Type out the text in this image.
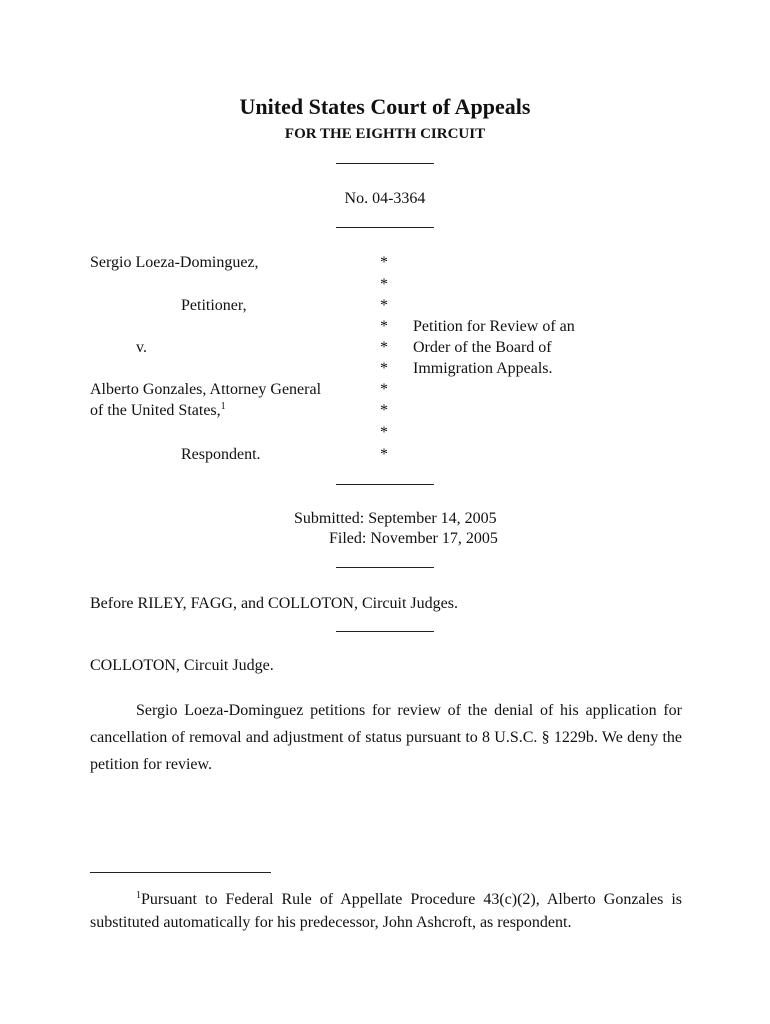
United States Court of Appeals
FOR THE EIGHTH CIRCUIT
No. 04-3364
Sergio Loeza-Dominguez,
Petitioner,
v.
Alberto Gonzales, Attorney General
of the United States,$^1$
Respondent.
*
*
*
*
*
*
*
*
*
*
Petition for Review of an
Order of the Board of
Immigration Appeals.
Submitted: September 14, 2005
Filed: November 17, 2005
Before RILEY, FAGG, and COLLOTON, Circuit Judges.
COLLOTON, Circuit Judge.
Sergio Loeza-Dominguez petitions for review of the denial of his application for cancellation of removal and adjustment of status pursuant to 8 U.S.C. § 1229b. We deny the petition for review.
$^1$Pursuant to Federal Rule of Appellate Procedure 43(c)(2), Alberto Gonzales is substituted automatically for his predecessor, John Ashcroft, as respondent.
